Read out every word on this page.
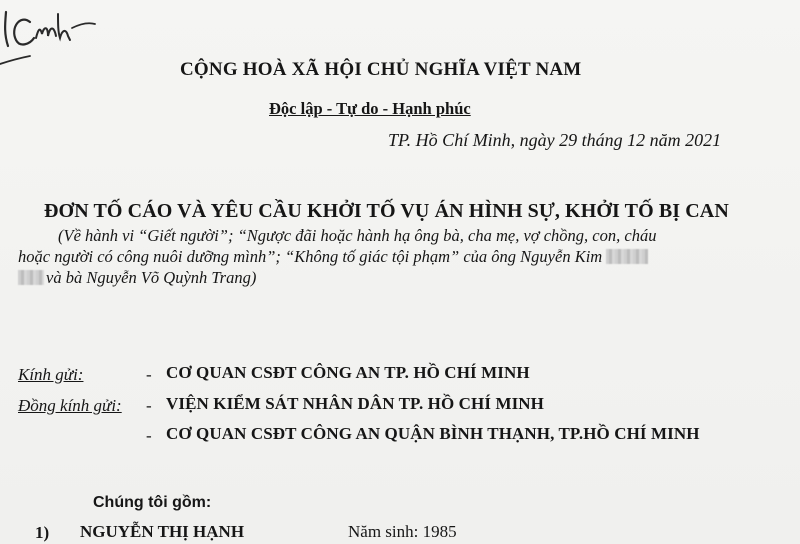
CỘNG HOÀ XÃ HỘI CHỦ NGHĨA VIỆT NAM
Độc lập - Tự do - Hạnh phúc
TP. Hồ Chí Minh, ngày 29 tháng 12 năm 2021
ĐƠN TỐ CÁO VÀ YÊU CẦU KHỞI TỐ VỤ ÁN HÌNH SỰ, KHỞI TỐ BỊ CAN
(Về hành vi “Giết người”; “Ngược đãi hoặc hành hạ ông bà, cha mẹ, vợ chồng, con, cháu
hoặc người có công nuôi dưỡng mình”; “Không tố giác tội phạm” của ông Nguyễn Kim
và bà Nguyễn Võ Quỳnh Trang)
Kính gửi:	- CƠ QUAN CSĐT CÔNG AN TP. HỒ CHÍ MINH
Đồng kính gửi: - VIỆN KIỂM SÁT NHÂN DÂN TP. HỒ CHÍ MINH
- CƠ QUAN CSĐT CÔNG AN QUẬN BÌNH THẠNH, TP.HỒ CHÍ MINH
Chúng tôi gồm:
1) NGUYỄN THỊ HẠNH	Năm sinh: 1985
